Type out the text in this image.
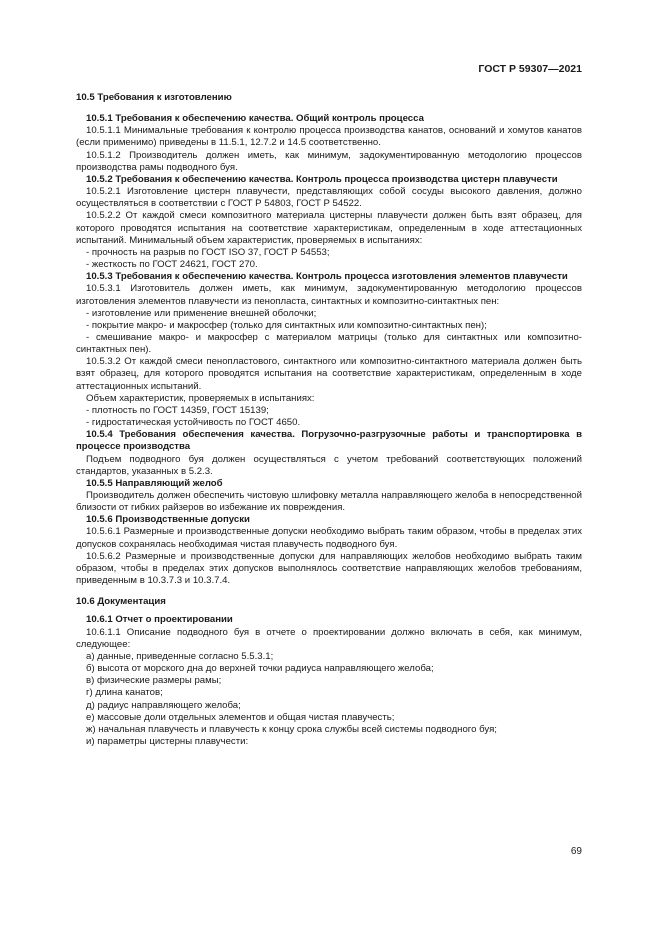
ГОСТ Р 59307—2021

10.5 Требования к изготовлению

10.5.1 Требования к обеспечению качества. Общий контроль процесса

10.5.1.1 Минимальные требования к контролю процесса производства канатов, оснований и хомутов канатов (если применимо) приведены в 11.5.1, 12.7.2 и 14.5 соответственно.

10.5.1.2 Производитель должен иметь, как минимум, задокументированную методологию процессов производства рамы подводного буя.

10.5.2 Требования к обеспечению качества. Контроль процесса производства цистерн плавучести

10.5.2.1 Изготовление цистерн плавучести, представляющих собой сосуды высокого давления, должно осуществляться в соответствии с ГОСТ Р 54803, ГОСТ Р 54522.

10.5.2.2 От каждой смеси композитного материала цистерны плавучести должен быть взят образец, для которого проводятся испытания на соответствие характеристикам, определенным в ходе аттестационных испытаний. Минимальный объем характеристик, проверяемых в испытаниях:

- прочность на разрыв по ГОСТ ISO 37, ГОСТ Р 54553;

- жесткость по ГОСТ 24621, ГОСТ 270.

10.5.3 Требования к обеспечению качества. Контроль процесса изготовления элементов плавучести

10.5.3.1 Изготовитель должен иметь, как минимум, задокументированную методологию процессов изготовления элементов плавучести из пенопласта, синтактных и композитно-синтактных пен:

- изготовление или применение внешней оболочки;

- покрытие макро- и макросфер (только для синтактных или композитно-синтактных пен);

- смешивание макро- и макросфер с материалом матрицы (только для синтактных или композитно-синтактных пен).

10.5.3.2 От каждой смеси пенопластового, синтактного или композитно-синтактного материала должен быть взят образец, для которого проводятся испытания на соответствие характеристикам, определенным в ходе аттестационных испытаний.

Объем характеристик, проверяемых в испытаниях:

- плотность по ГОСТ 14359, ГОСТ 15139;

- гидростатическая устойчивость по ГОСТ 4650.

10.5.4 Требования обеспечения качества. Погрузочно-разгрузочные работы и транспортировка в процессе производства

Подъем подводного буя должен осуществляться с учетом требований соответствующих положений стандартов, указанных в 5.2.3.

10.5.5 Направляющий желоб

Производитель должен обеспечить чистовую шлифовку металла направляющего желоба в непосредственной близости от гибких райзеров во избежание их повреждения.

10.5.6 Производственные допуски

10.5.6.1 Размерные и производственные допуски необходимо выбрать таким образом, чтобы в пределах этих допусков сохранялась необходимая чистая плавучесть подводного буя.

10.5.6.2 Размерные и производственные допуски для направляющих желобов необходимо выбрать таким образом, чтобы в пределах этих допусков выполнялось соответствие направляющих желобов требованиям, приведенным в 10.3.7.3 и 10.3.7.4.

10.6 Документация

10.6.1 Отчет о проектировании

10.6.1.1 Описание подводного буя в отчете о проектировании должно включать в себя, как минимум, следующее:

а) данные, приведенные согласно 5.5.3.1;

б) высота от морского дна до верхней точки радиуса направляющего желоба;

в) физические размеры рамы;

г) длина канатов;

д) радиус направляющего желоба;

е) массовые доли отдельных элементов и общая чистая плавучесть;

ж) начальная плавучесть и плавучесть к концу срока службы всей системы подводного буя;

и) параметры цистерны плавучести:

69
